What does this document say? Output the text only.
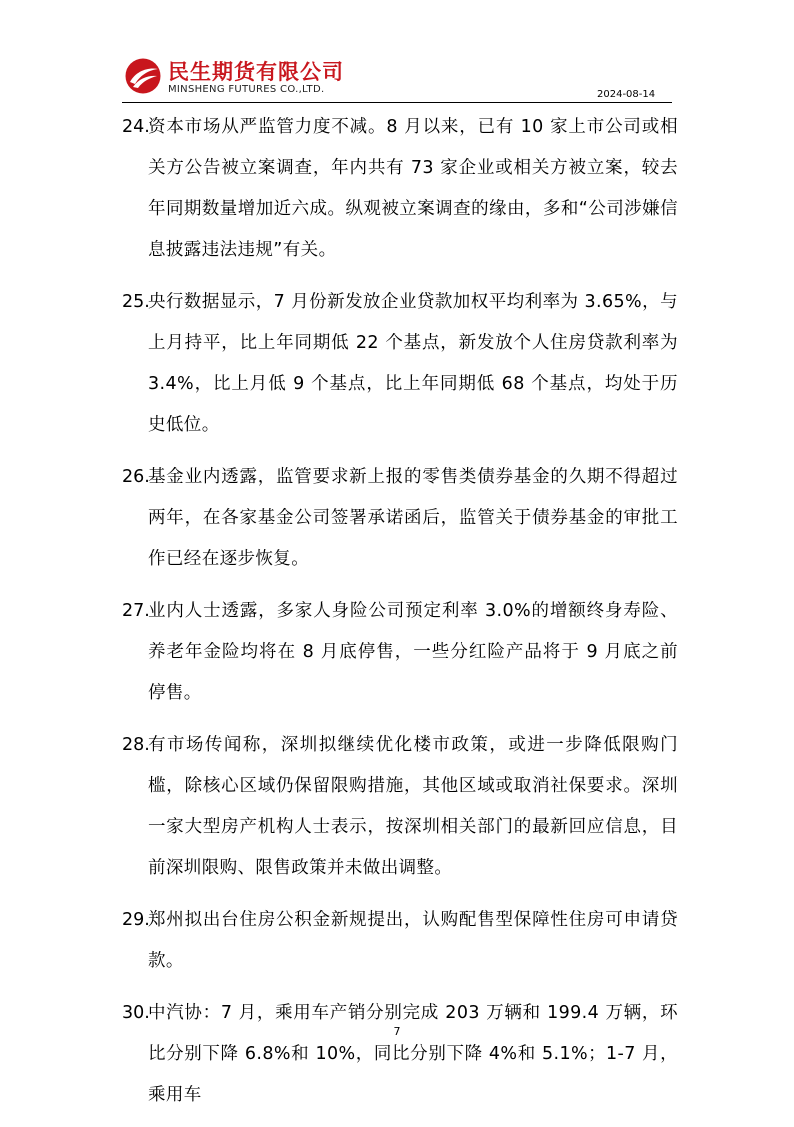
民生期货有限公司
MINSHENG FUTURES CO.,LTD.	2024-08-14
24.
资本市场从严监管力度不减。8 月以来，已有 10 家上市公司或相关方公告被立案调查，年内共有 73 家企业或相关方被立案，较去年同期数量增加近六成。纵观被立案调查的缘由，多和“公司涉嫌信息披露违法违规”有关。
25.
央行数据显示，7 月份新发放企业贷款加权平均利率为 3.65%，与上月持平，比上年同期低 22 个基点，新发放个人住房贷款利率为 3.4%，比上月低 9 个基点，比上年同期低 68 个基点，均处于历史低位。
26.
基金业内透露，监管要求新上报的零售类债券基金的久期不得超过两年，在各家基金公司签署承诺函后，监管关于债券基金的审批工作已经在逐步恢复。
27.
业内人士透露，多家人身险公司预定利率 3.0%的增额终身寿险、养老年金险均将在 8 月底停售，一些分红险产品将于 9 月底之前停售。
28.
有市场传闻称，深圳拟继续优化楼市政策，或进一步降低限购门槛，除核心区域仍保留限购措施，其他区域或取消社保要求。深圳一家大型房产机构人士表示，按深圳相关部门的最新回应信息，目前深圳限购、限售政策并未做出调整。
29.
郑州拟出台住房公积金新规提出，认购配售型保障性住房可申请贷款。
30.
中汽协：7 月，乘用车产销分别完成 203 万辆和 199.4 万辆，环比分别下降 6.8%和 10%，同比分别下降 4%和 5.1%；1-7 月，乘用车
7
